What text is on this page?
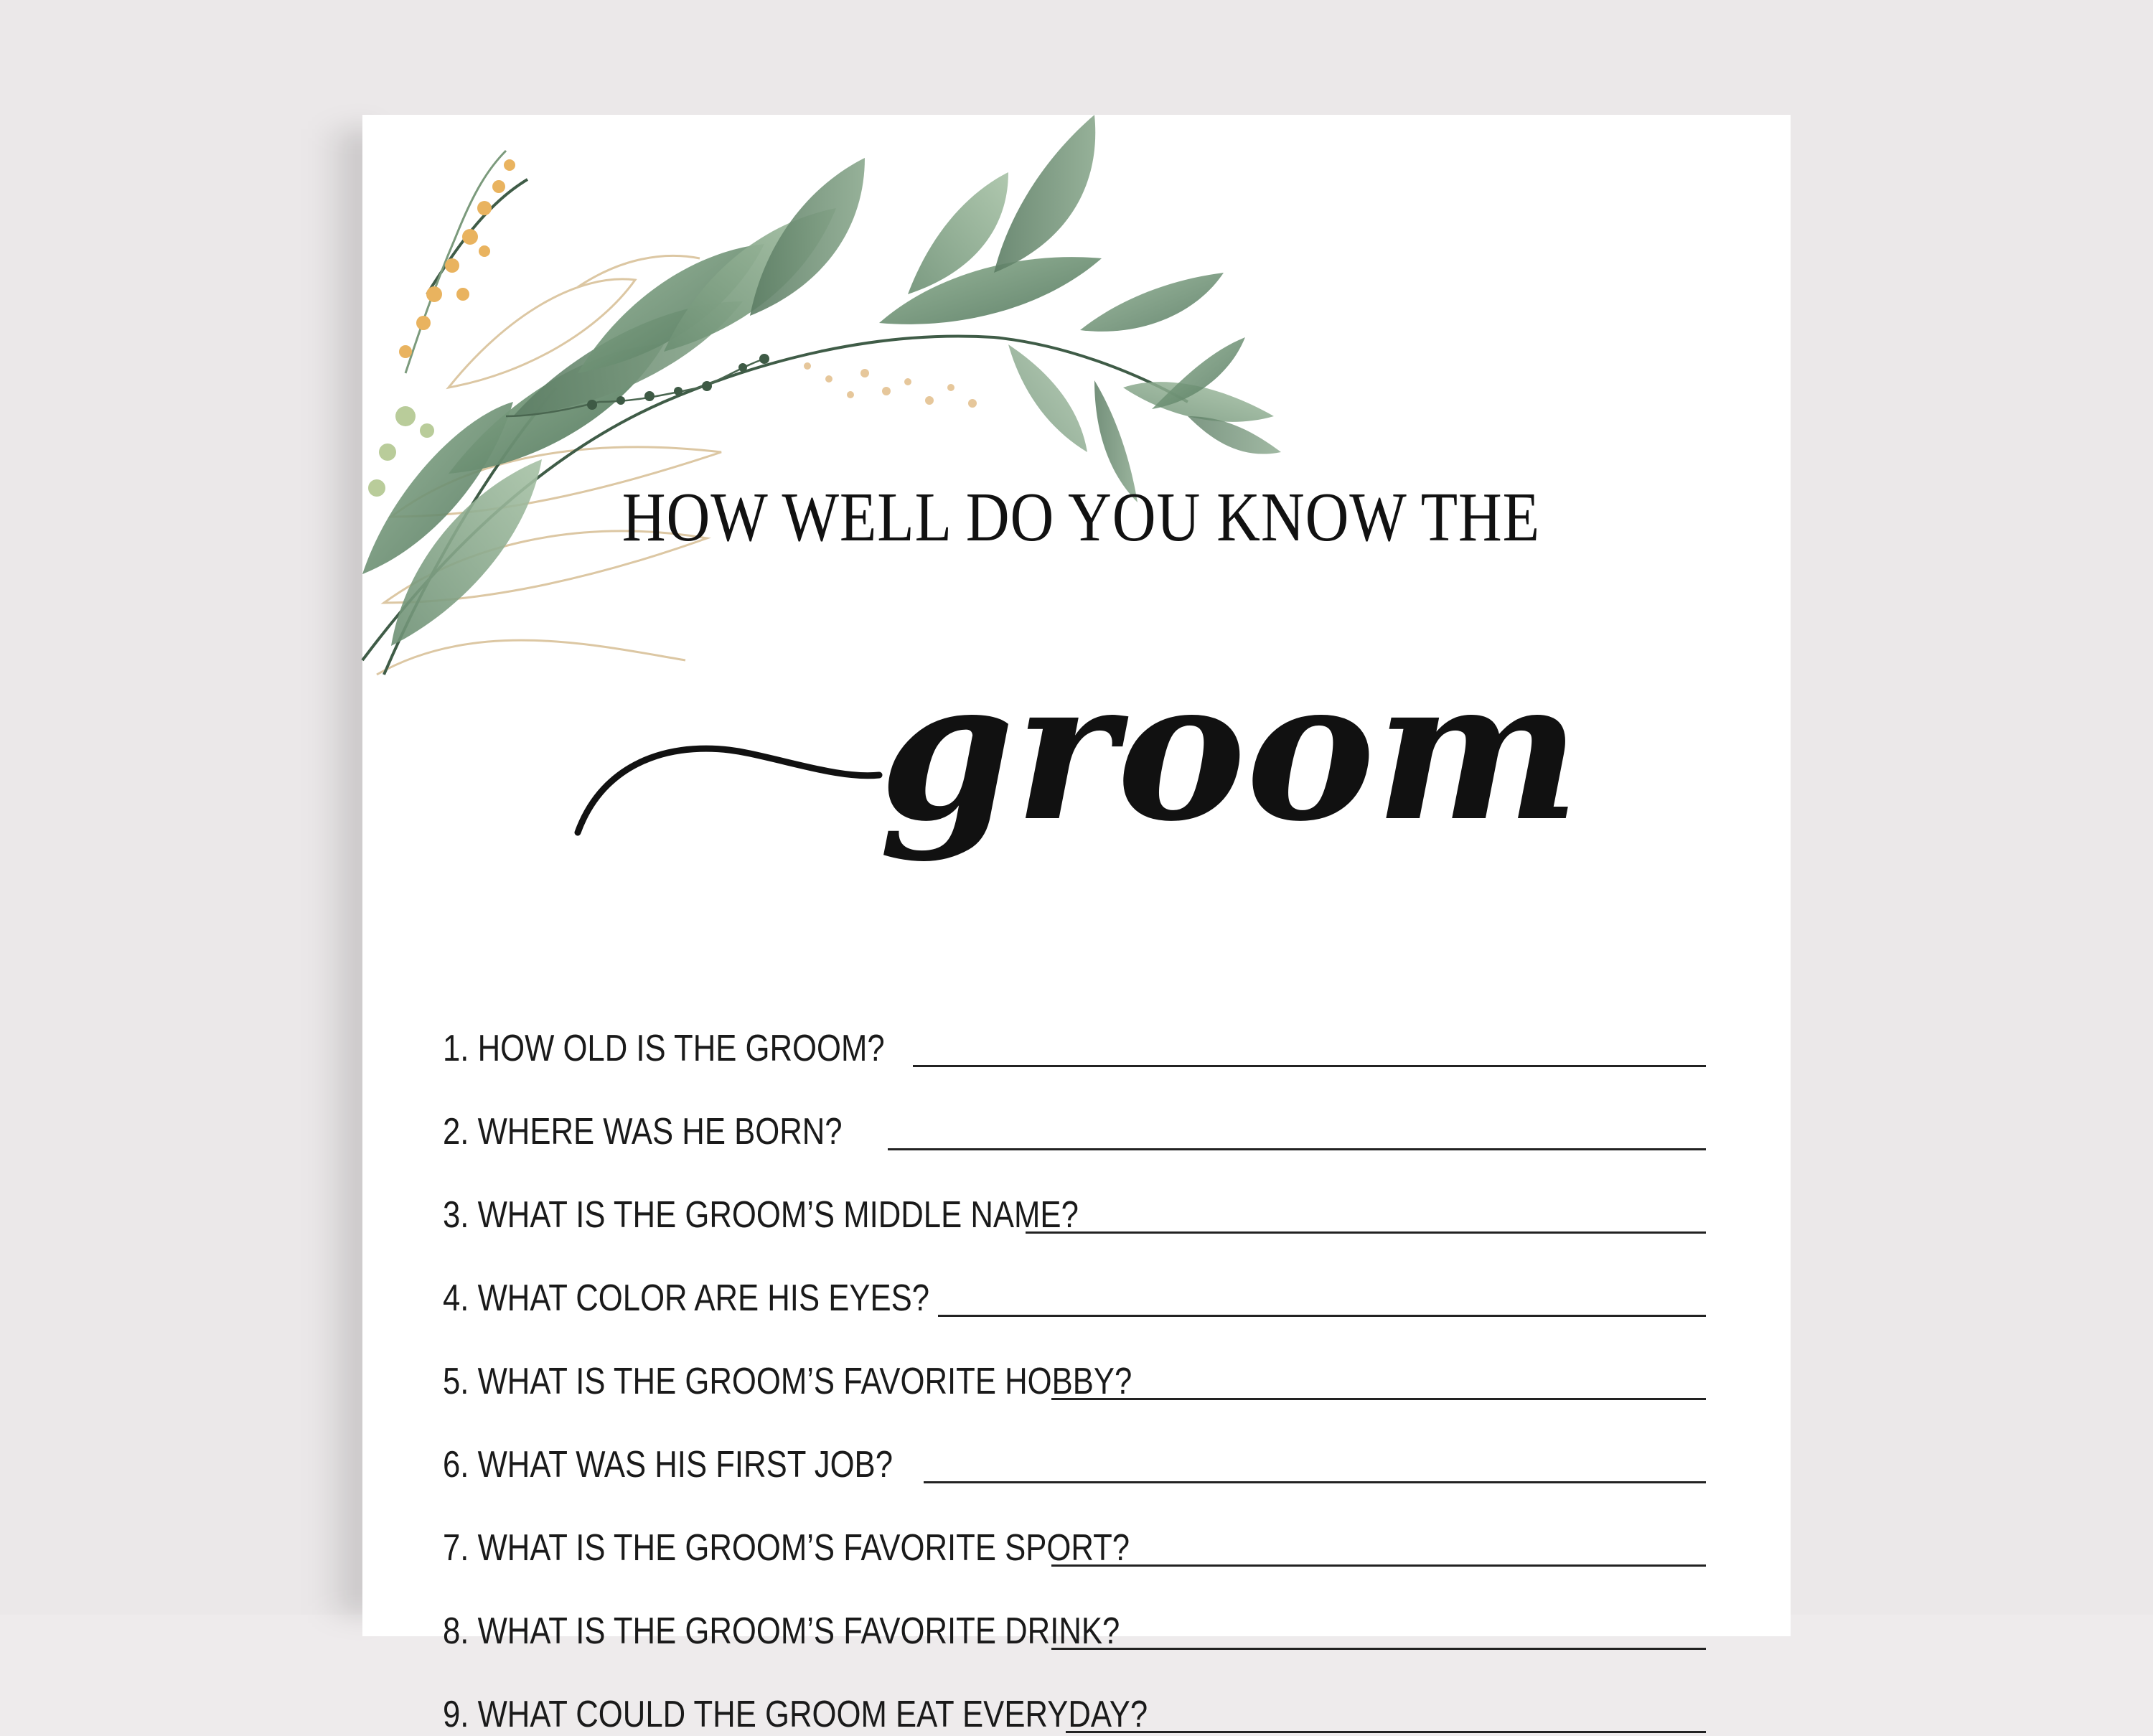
HOW WELL DO YOU KNOW THE
groom
1. HOW OLD IS THE GROOM?
2. WHERE WAS HE BORN?
3. WHAT IS THE GROOM’S MIDDLE NAME?
4. WHAT COLOR ARE HIS EYES?
5. WHAT IS THE GROOM’S FAVORITE HOBBY?
6. WHAT WAS HIS FIRST JOB?
7. WHAT IS THE GROOM’S FAVORITE SPORT?
8. WHAT IS THE GROOM’S FAVORITE DRINK?
9. WHAT COULD THE GROOM EAT EVERYDAY?
